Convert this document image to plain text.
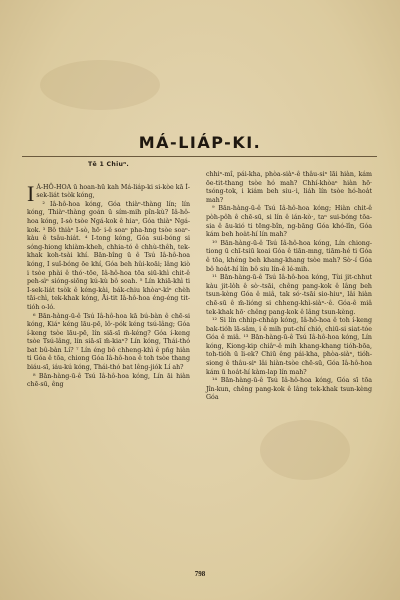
MÁ-LIÁP-KI.
Tē 1 Chiuⁿ.

I Á-HÔ-HOA ū hoan-hū kah Má-liáp-ki si-kòe kā Í-sek-liát tsòk kóng,

² Iâ-hô-hoa kóng, Góa thiàⁿ-thàng lín; lín kóng, Thiàⁿ-thàng goán ū sím-mih pîn-kù? Iâ-hô-hoa kóng, I-sò tsòe Ngá-kok ê hiaⁿ, Góa thiàⁿ Ngá-kok. ³ Bô thiàⁿ I-sò, hō· i-ê soaⁿ pha-hng tsòe soaⁿ-kàu ê tsâu-hiát. ⁴ I-tong kóng, Góa sui-bóng si sóng-hiong khiàm-kheh, chhia-tó ê chhù-thêh, tek-khak koh-tsài khí. Bān-bîng ū ê Tsú Iâ-hô-hoa kóng, I suî-bóng ōe khí, Góa beh hûi-koāi; lâng kiò i tsòe phài ê thó·-tōe, Iâ-hô-hoa tōa siū-khì chit-ê peh-sìⁿ sióng-siōng kú-kù bô soah. ⁵ Lín khiā-khì ti I-sek-liát tsòk ê kéng-kài, bák-chiu khòaⁿ-kìⁿ chèh tāi-chì, tek-khak kóng, Āi-tit Iâ-hô-hoa éng-éng tit-tióh o-ló.

⁶ Bān-hàng-ū-ê Tsú Iâ-hô-hoa kā bú-bàn ê chē-si kóng, Kiáⁿ kéng lāu-pē, lô·-pók kéng tsú-lâng; Góa í-keng tsòe lāu-pē, lín siā-sī m̄-kéng? Góa í-keng tsòe Tsú-lâng, lín siā-sī m̄-kiaⁿ? Lín kóng, Thái-thó bat bû-bàn Lí? ⁷ Lín éng bô chheng-khì ê pn̄g hiàn ti Góa ê tōa, chiong Góa Iâ-hô-hoa ê toh tsòe thang biáu-sī, iáu-kú kóng, Thái-thó bat lêng-jiók Lí ah?

⁸ Bān-hàng-ū-ê Tsú Iâ-hô-hoa kóng, Lín āi hiàn chē-sū, êng

chhiⁿ-mî, pái-kha, phòa-siàⁿ-ê thâu-siⁿ lāi hiàn, kám ōe-tit-thang tsòe hó mah? Chhí-khòaⁿ hiàn hō· tsóng-tok, i kiám beh siu-·i, liáh lín tsòe hó-hoa̍t mah?

⁹ Bān-hàng-ū-ê Tsú Iâ-hô-hoa kóng; Hiàn chit-ê pòh-pôh ê chē-sū, si lín ê ián-kò·, taⁿ sui-bóng tōa-sia ê āu-kió ti tēng-bîn, ng-bāng Góa khó-lîn, Góa kám beh hoa̍t-hí lín mah?

¹⁰ Bān-hàng-ū-ê Tsú Iâ-hô-hoa kóng, Lín chiong-tiong ū chī-tsiū koai Góa ê tiān-mng, tiām-hé ti Góa ê tōa, khéng beh khang-khang tsòe mah? Sò·-í Góa bô hoa̍t-hí lín bô siu lín-ê lé-mih.

¹¹ Bān-hàng-ū-ê Tsú Iâ-hô-hoa kóng, Tùi jit-chhut kàu jit-lo̍h ê sò·-tsāi, chêng pang-kok ê lâng beh tsun-kèng Góa ê miâ, tak só·-tsāi sio-hiuⁿ, lâi hiàn chē-sū ê m̄-lióng si chheng-khì-siàⁿ-·ê. Góa-ê miâ tek-khak hō· chêng pang-kok ê lâng tsun-kèng.

¹² Si lín chhip-chháp kóng, Iâ-hô-hoa ê toh í-keng bak-tióh lā-sâm, i ê mih put-chí chió, chiū-si siat-tóe Góa ê miâ. ¹³ Bān-hàng-ū-ê Tsú Iâ-hô-hoa kóng, Lín kóng, Kiong-kip chiâⁿ-ê mih khang-khang tióh-bōa, toh-tióh ū li-ek? Chiū êng pái-kha, phòa-siàⁿ, tióh-siong ê thâu-siⁿ lâi hiàn-tsòe chē-sū, Góa Iâ-hô-hoa kám ū hoa̍t-hí kàm-lap lín mah?

¹⁴ Bān-hàng-ū-ê Tsú Iâ-hô-hoa kóng, Góa sī tōa Jîn-kun, chêng pang-kok ê lâng tek-khak tsun-kèng Góa

798
